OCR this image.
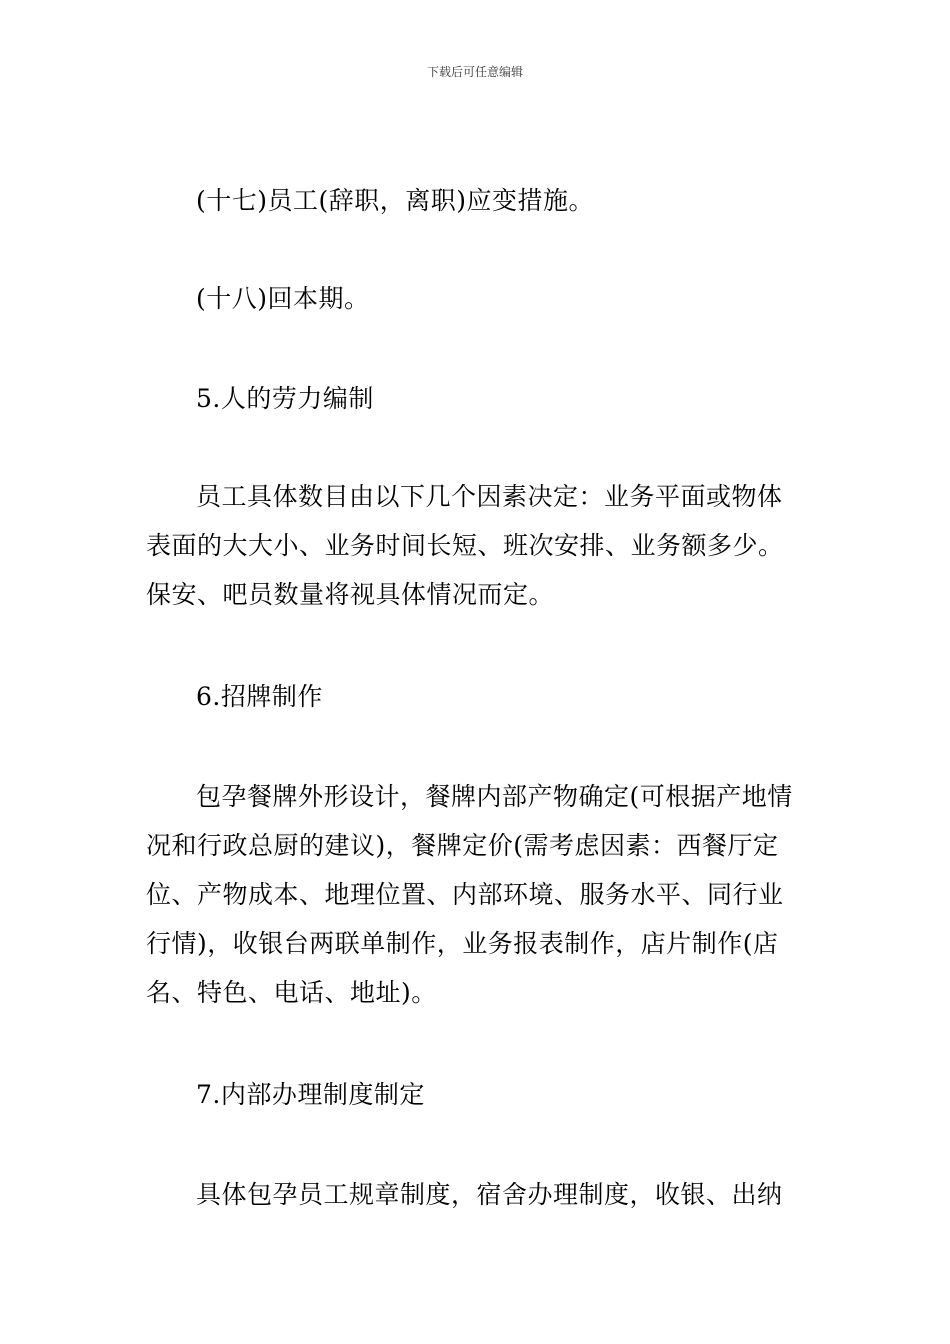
下载后可任意编辑
(十七)员工(辞职，离职)应变措施。
(十八)回本期。
5.人的劳力编制
员工具体数目由以下几个因素决定：业务平面或物体
表面的大大小、业务时间长短、班次安排、业务额多少。
保安、吧员数量将视具体情况而定。
6.招牌制作
包孕餐牌外形设计，餐牌内部产物确定(可根据产地情
况和行政总厨的建议)，餐牌定价(需考虑因素：西餐厅定
位、产物成本、地理位置、内部环境、服务水平、同行业
行情)，收银台两联单制作，业务报表制作，店片制作(店
名、特色、电话、地址)。
7.内部办理制度制定
具体包孕员工规章制度，宿舍办理制度，收银、出纳
